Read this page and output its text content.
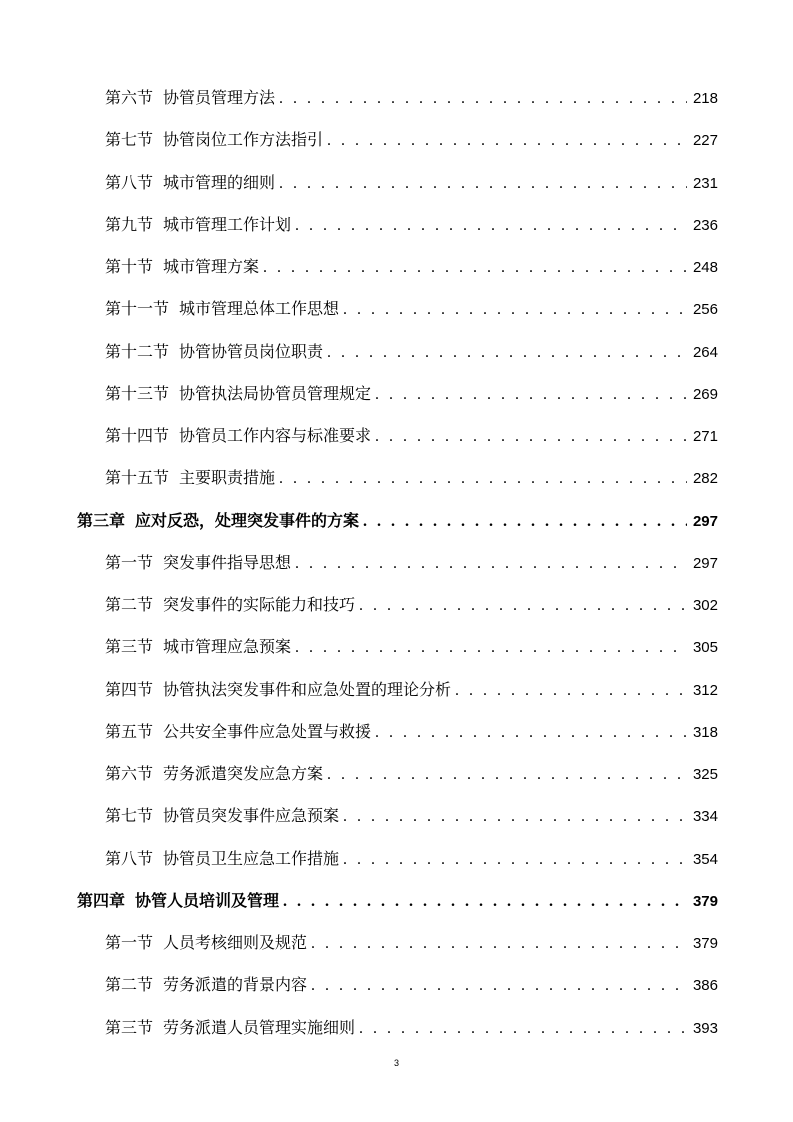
第六节 协管员管理方法 . . .	218
第七节 协管岗位工作方法指引 . . .	227
第八节 城市管理的细则 . . .	231
第九节 城市管理工作计划 . . .	236
第十节 城市管理方案 . . .	248
第十一节 城市管理总体工作思想 . . .	256
第十二节 协管协管员岗位职责 . . .	264
第十三节 协管执法局协管员管理规定 . . .	269
第十四节 协管员工作内容与标准要求 . . .	271
第十五节 主要职责措施 . . .	282
第三章 应对反恐，处理突发事件的方案 . . .	297
第一节 突发事件指导思想 . . .	297
第二节 突发事件的实际能力和技巧 . . .	302
第三节 城市管理应急预案 . . .	305
第四节 协管执法突发事件和应急处置的理论分析 . . .	312
第五节 公共安全事件应急处置与救援 . . .	318
第六节 劳务派遣突发应急方案 . . .	325
第七节 协管员突发事件应急预案 . . .	334
第八节 协管员卫生应急工作措施 . . .	354
第四章 协管人员培训及管理 . . .	379
第一节 人员考核细则及规范 . . .	379
第二节 劳务派遣的背景内容 . . .	386
第三节 劳务派遣人员管理实施细则 . . .	393
3
